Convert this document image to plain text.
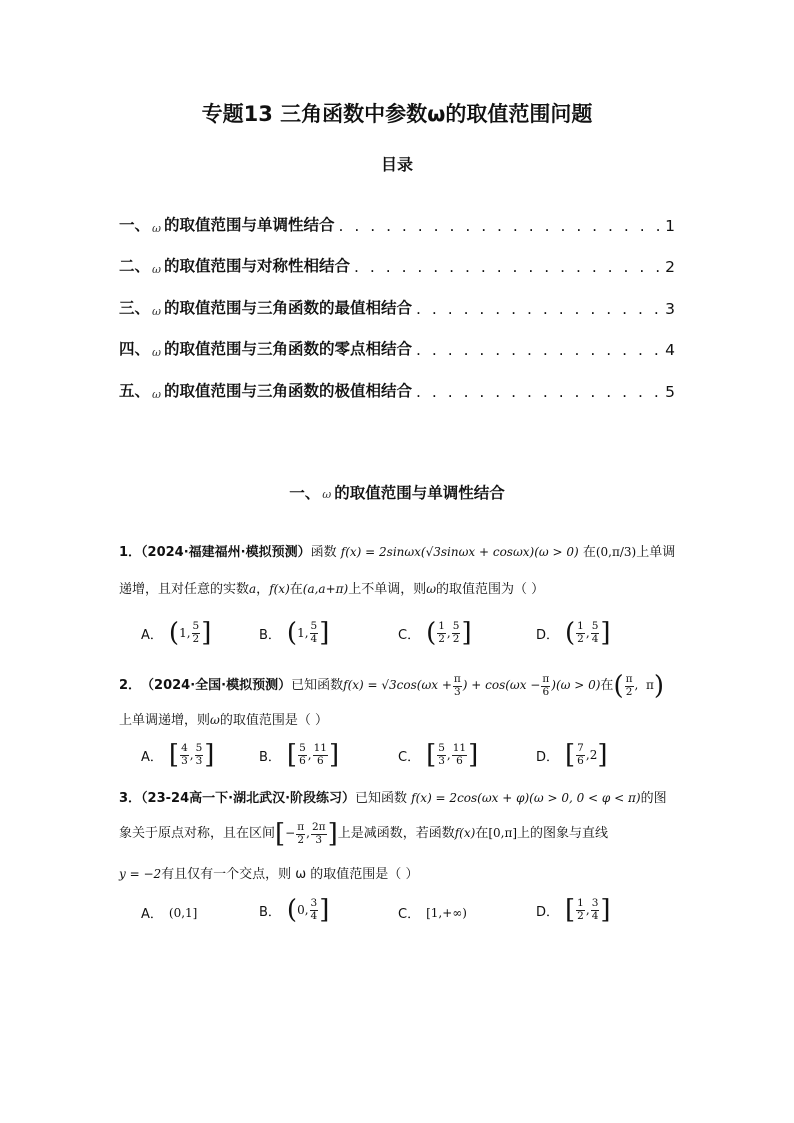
专题13 三角函数中参数ω的取值范围问题
目录
一、 ω 的取值范围与单调性结合 . . .	1
二、 ω 的取值范围与对称性相结合 . . .	2
三、 ω 的取值范围与三角函数的最值相结合 . . .	3
四、 ω 的取值范围与三角函数的零点相结合 . . .	4
五、 ω 的取值范围与三角函数的极值相结合 . . .	5
一、 ω 的取值范围与单调性结合
1．（2024·福建福州·模拟预测）函数 f(x) = 2sinωx(√3sinωx + cosωx)(ω > 0) 在(0,π/3)上单调
递增，且对任意的实数a，f(x)在(a,a+π)上不单调，则ω的取值范围为（ ）
A． ( 1 , $\frac{5}{2}$ ]	B． ( 1 , $\frac{5}{4}$ ]	C． ( $\frac{1}{2}$ , $\frac{5}{2}$ ]	D． ( $\frac{1}{2}$ , $\frac{5}{4}$ ]
2． （2024·全国·模拟预测） 已知函数 $f(x) = √3\cos(\omega x + \frac{\pi}{3}$ ) + $\cos(\omega x - \frac{\pi}{6} )(\omega > 0)$ 在 ( $\frac{\pi}{2}$ , π )
上单调递增，则ω的取值范围是（ ）
A． [ $\frac{4}{3}$ , $\frac{5}{3}$ ]	B． [ $\frac{5}{6}$ , $\frac{11}{6}$ ]	C． [ $\frac{5}{3}$ , $\frac{11}{6}$ ]	D． [ $\frac{7}{6}$ , 2 ]
3．（23-24高一下·湖北武汉·阶段练习）已知函数 f(x) = 2cos(ωx + φ)(ω > 0, 0 < φ < π)的图
象关于原点对称，且在区间 [ − $\frac{\pi}{2}$ , $\frac{2\pi}{3}$ ] 上是减函数，若函数 f(x) 在 [0,π] 上的图象与直线
y = −2有且仅有一个交点，则 ω 的取值范围是（ ）
A． (0,1]	B． ( 0 , $\frac{3}{4}$ ]	C． [1,+∞)	D． [ $\frac{1}{2}$ , $\frac{3}{4}$ ]
